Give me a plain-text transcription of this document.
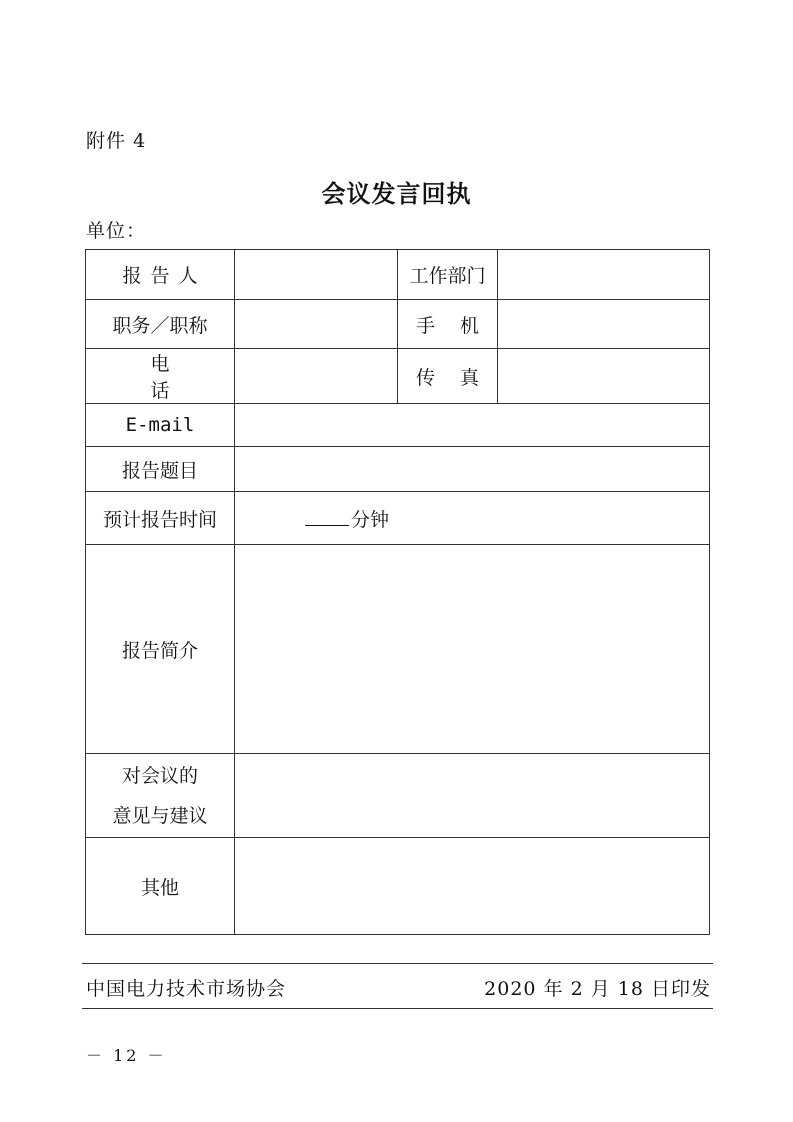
附件 4
会议发言回执
单位：
报告人		工作部门	
职务／职称		手 机	

电话		传 真	

E-mail			
报告题目			
预计报告时间	分钟		
报告简介			

对会议的
意见与建议			

其他			
中国电力技术市场协会	2020 年 2 月 18 日印发
－ 12 －
